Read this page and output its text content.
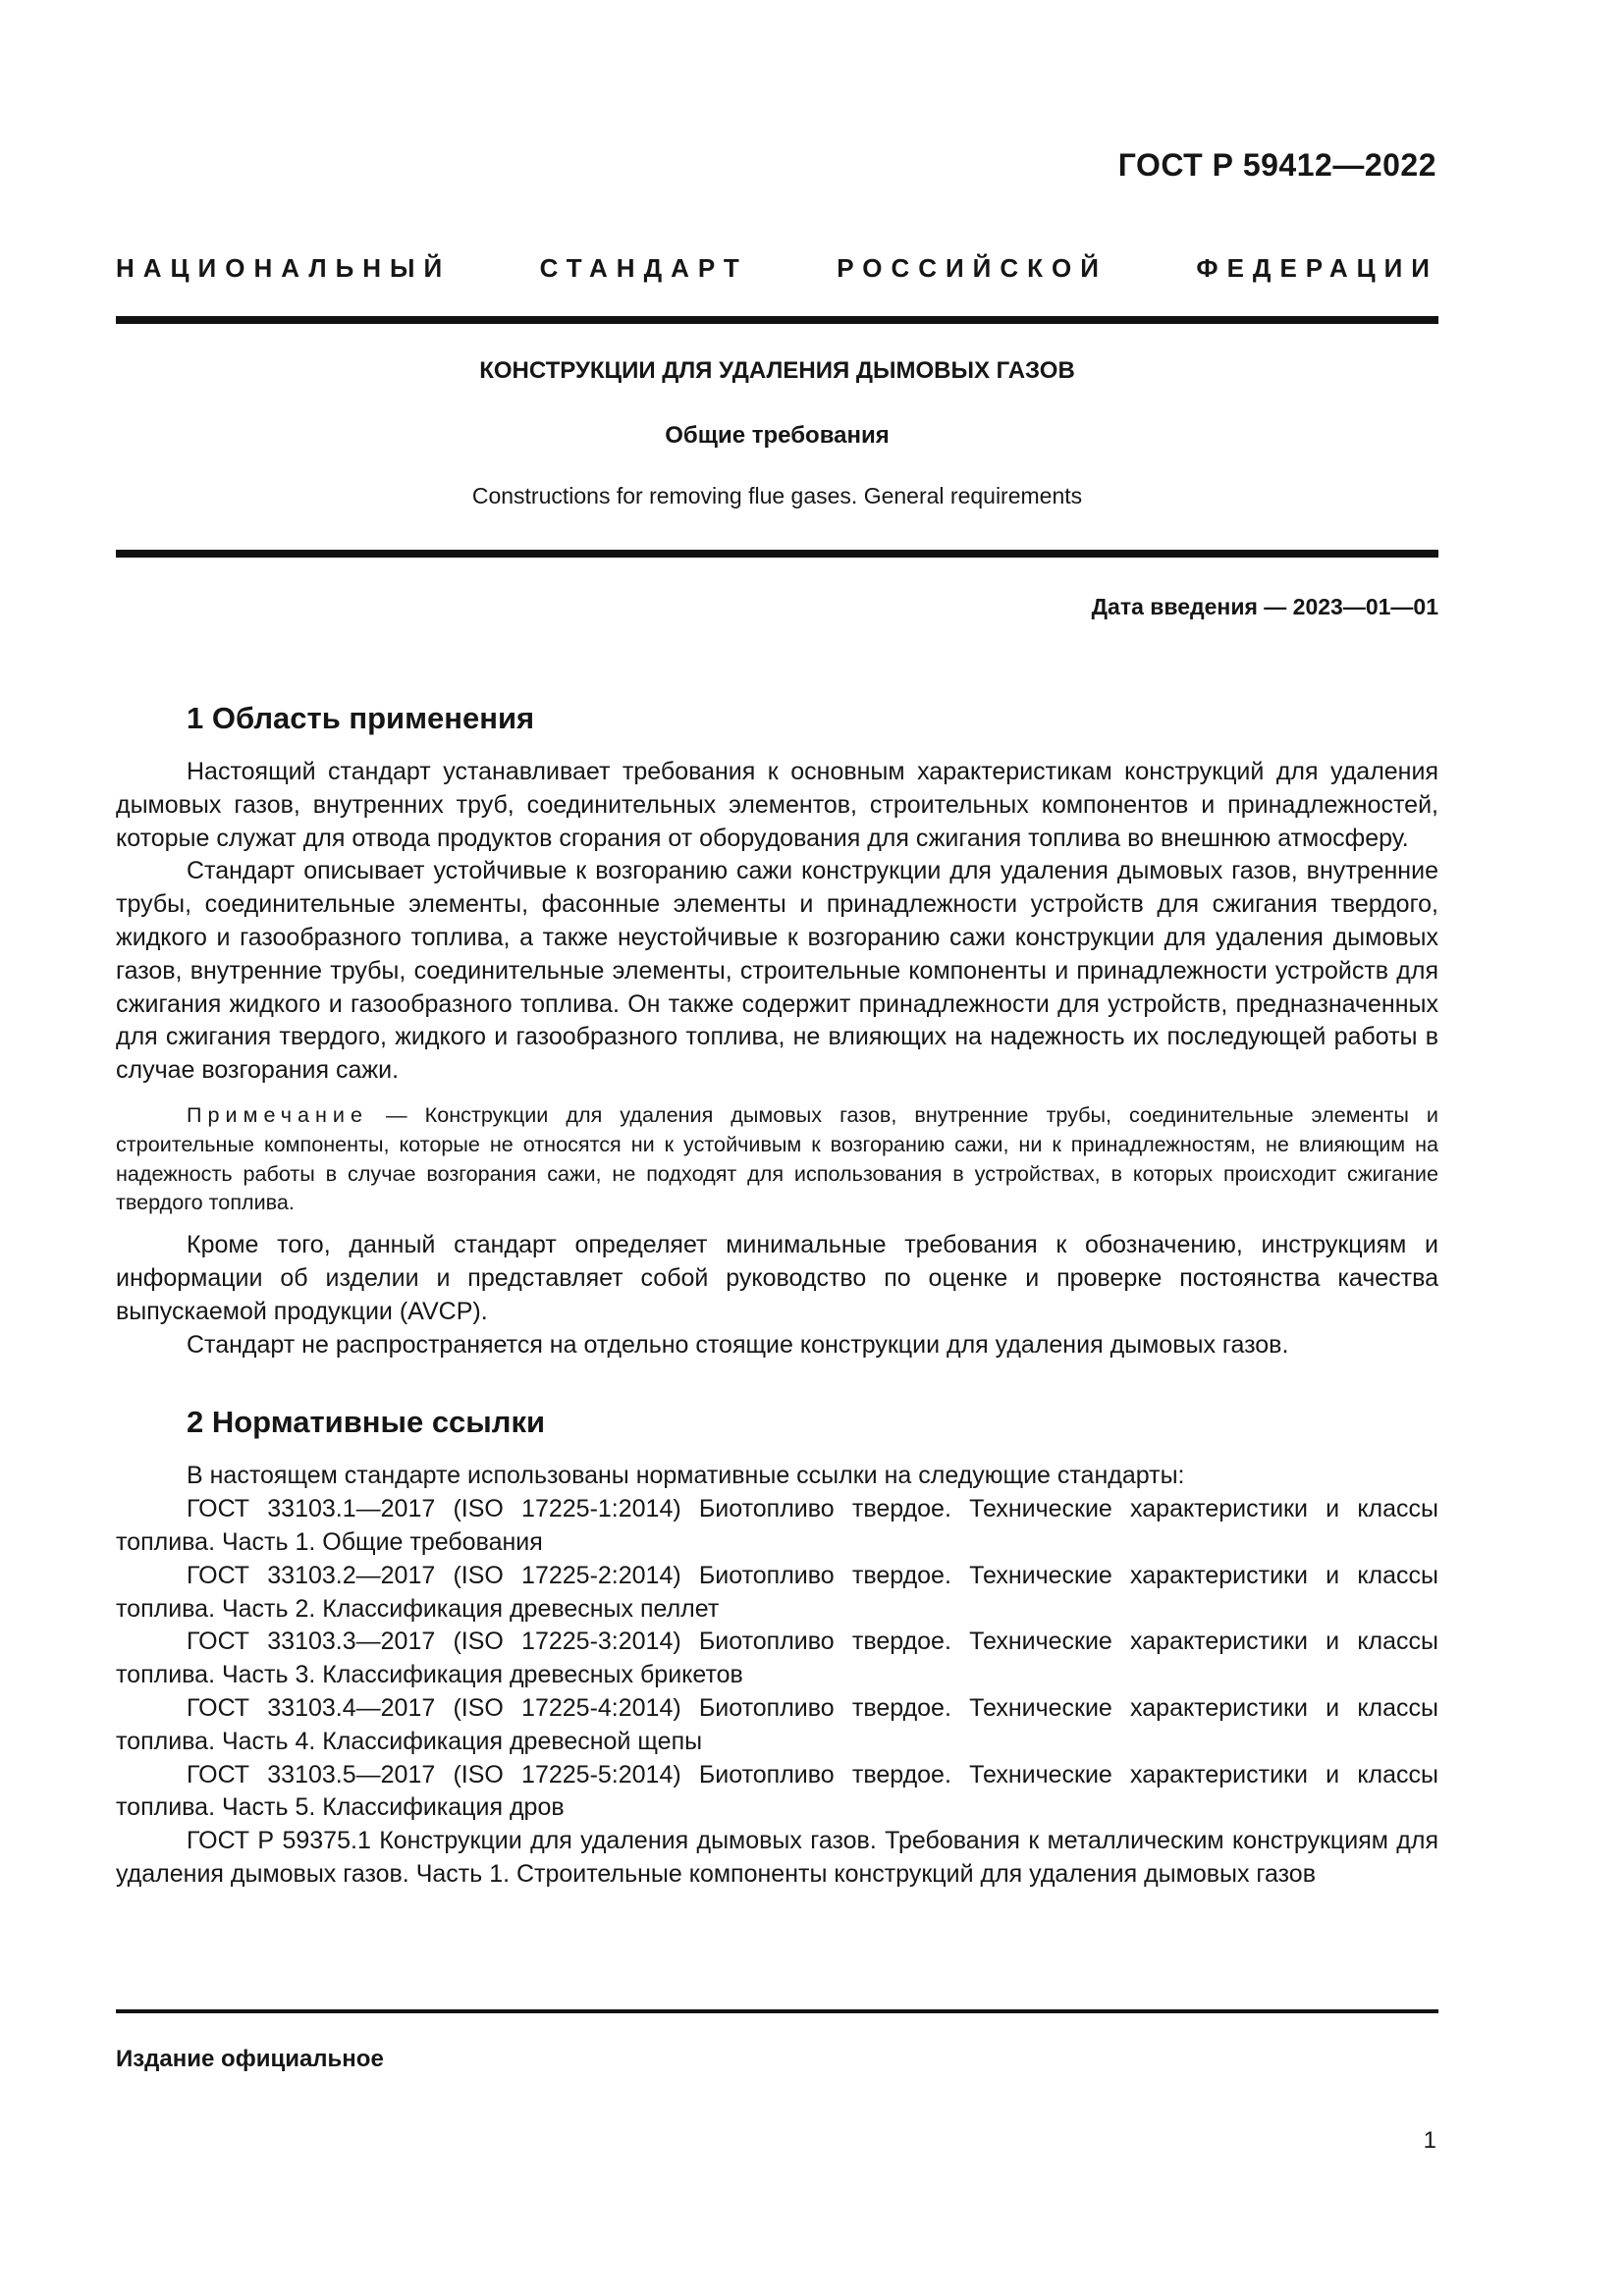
ГОСТ Р 59412—2022
НАЦИОНАЛЬНЫЙ СТАНДАРТ РОССИЙСКОЙ ФЕДЕРАЦИИ
КОНСТРУКЦИИ ДЛЯ УДАЛЕНИЯ ДЫМОВЫХ ГАЗОВ
Общие требования
Constructions for removing flue gases. General requirements
Дата введения — 2023—01—01
1 Область применения

Настоящий стандарт устанавливает требования к основным характеристикам конструкций для удаления дымовых газов, внутренних труб, соединительных элементов, строительных компонентов и принадлежностей, которые служат для отвода продуктов сгорания от оборудования для сжигания топлива во внешнюю атмосферу.

Стандарт описывает устойчивые к возгоранию сажи конструкции для удаления дымовых газов, внутренние трубы, соединительные элементы, фасонные элементы и принадлежности устройств для сжигания твердого, жидкого и газообразного топлива, а также неустойчивые к возгоранию сажи конструкции для удаления дымовых газов, внутренние трубы, соединительные элементы, строительные компоненты и принадлежности устройств для сжигания жидкого и газообразного топлива. Он также содержит принадлежности для устройств, предназначенных для сжигания твердого, жидкого и газообразного топлива, не влияющих на надежность их последующей работы в случае возгорания сажи.

Примечание — Конструкции для удаления дымовых газов, внутренние трубы, соединительные элементы и строительные компоненты, которые не относятся ни к устойчивым к возгоранию сажи, ни к принадлежностям, не влияющим на надежность работы в случае возгорания сажи, не подходят для использования в устройствах, в которых происходит сжигание твердого топлива.

Кроме того, данный стандарт определяет минимальные требования к обозначению, инструкциям и информации об изделии и представляет собой руководство по оценке и проверке постоянства качества выпускаемой продукции (AVCP).

Стандарт не распространяется на отдельно стоящие конструкции для удаления дымовых газов.

2 Нормативные ссылки

В настоящем стандарте использованы нормативные ссылки на следующие стандарты:

ГОСТ 33103.1—2017 (ISO 17225-1:2014) Биотопливо твердое. Технические характеристики и классы топлива. Часть 1. Общие требования

ГОСТ 33103.2—2017 (ISO 17225-2:2014) Биотопливо твердое. Технические характеристики и классы топлива. Часть 2. Классификация древесных пеллет

ГОСТ 33103.3—2017 (ISO 17225-3:2014) Биотопливо твердое. Технические характеристики и классы топлива. Часть 3. Классификация древесных брикетов

ГОСТ 33103.4—2017 (ISO 17225-4:2014) Биотопливо твердое. Технические характеристики и классы топлива. Часть 4. Классификация древесной щепы

ГОСТ 33103.5—2017 (ISO 17225-5:2014) Биотопливо твердое. Технические характеристики и классы топлива. Часть 5. Классификация дров

ГОСТ Р 59375.1 Конструкции для удаления дымовых газов. Требования к металлическим конструкциям для удаления дымовых газов. Часть 1. Строительные компоненты конструкций для удаления дымовых газов

Издание официальное
1
